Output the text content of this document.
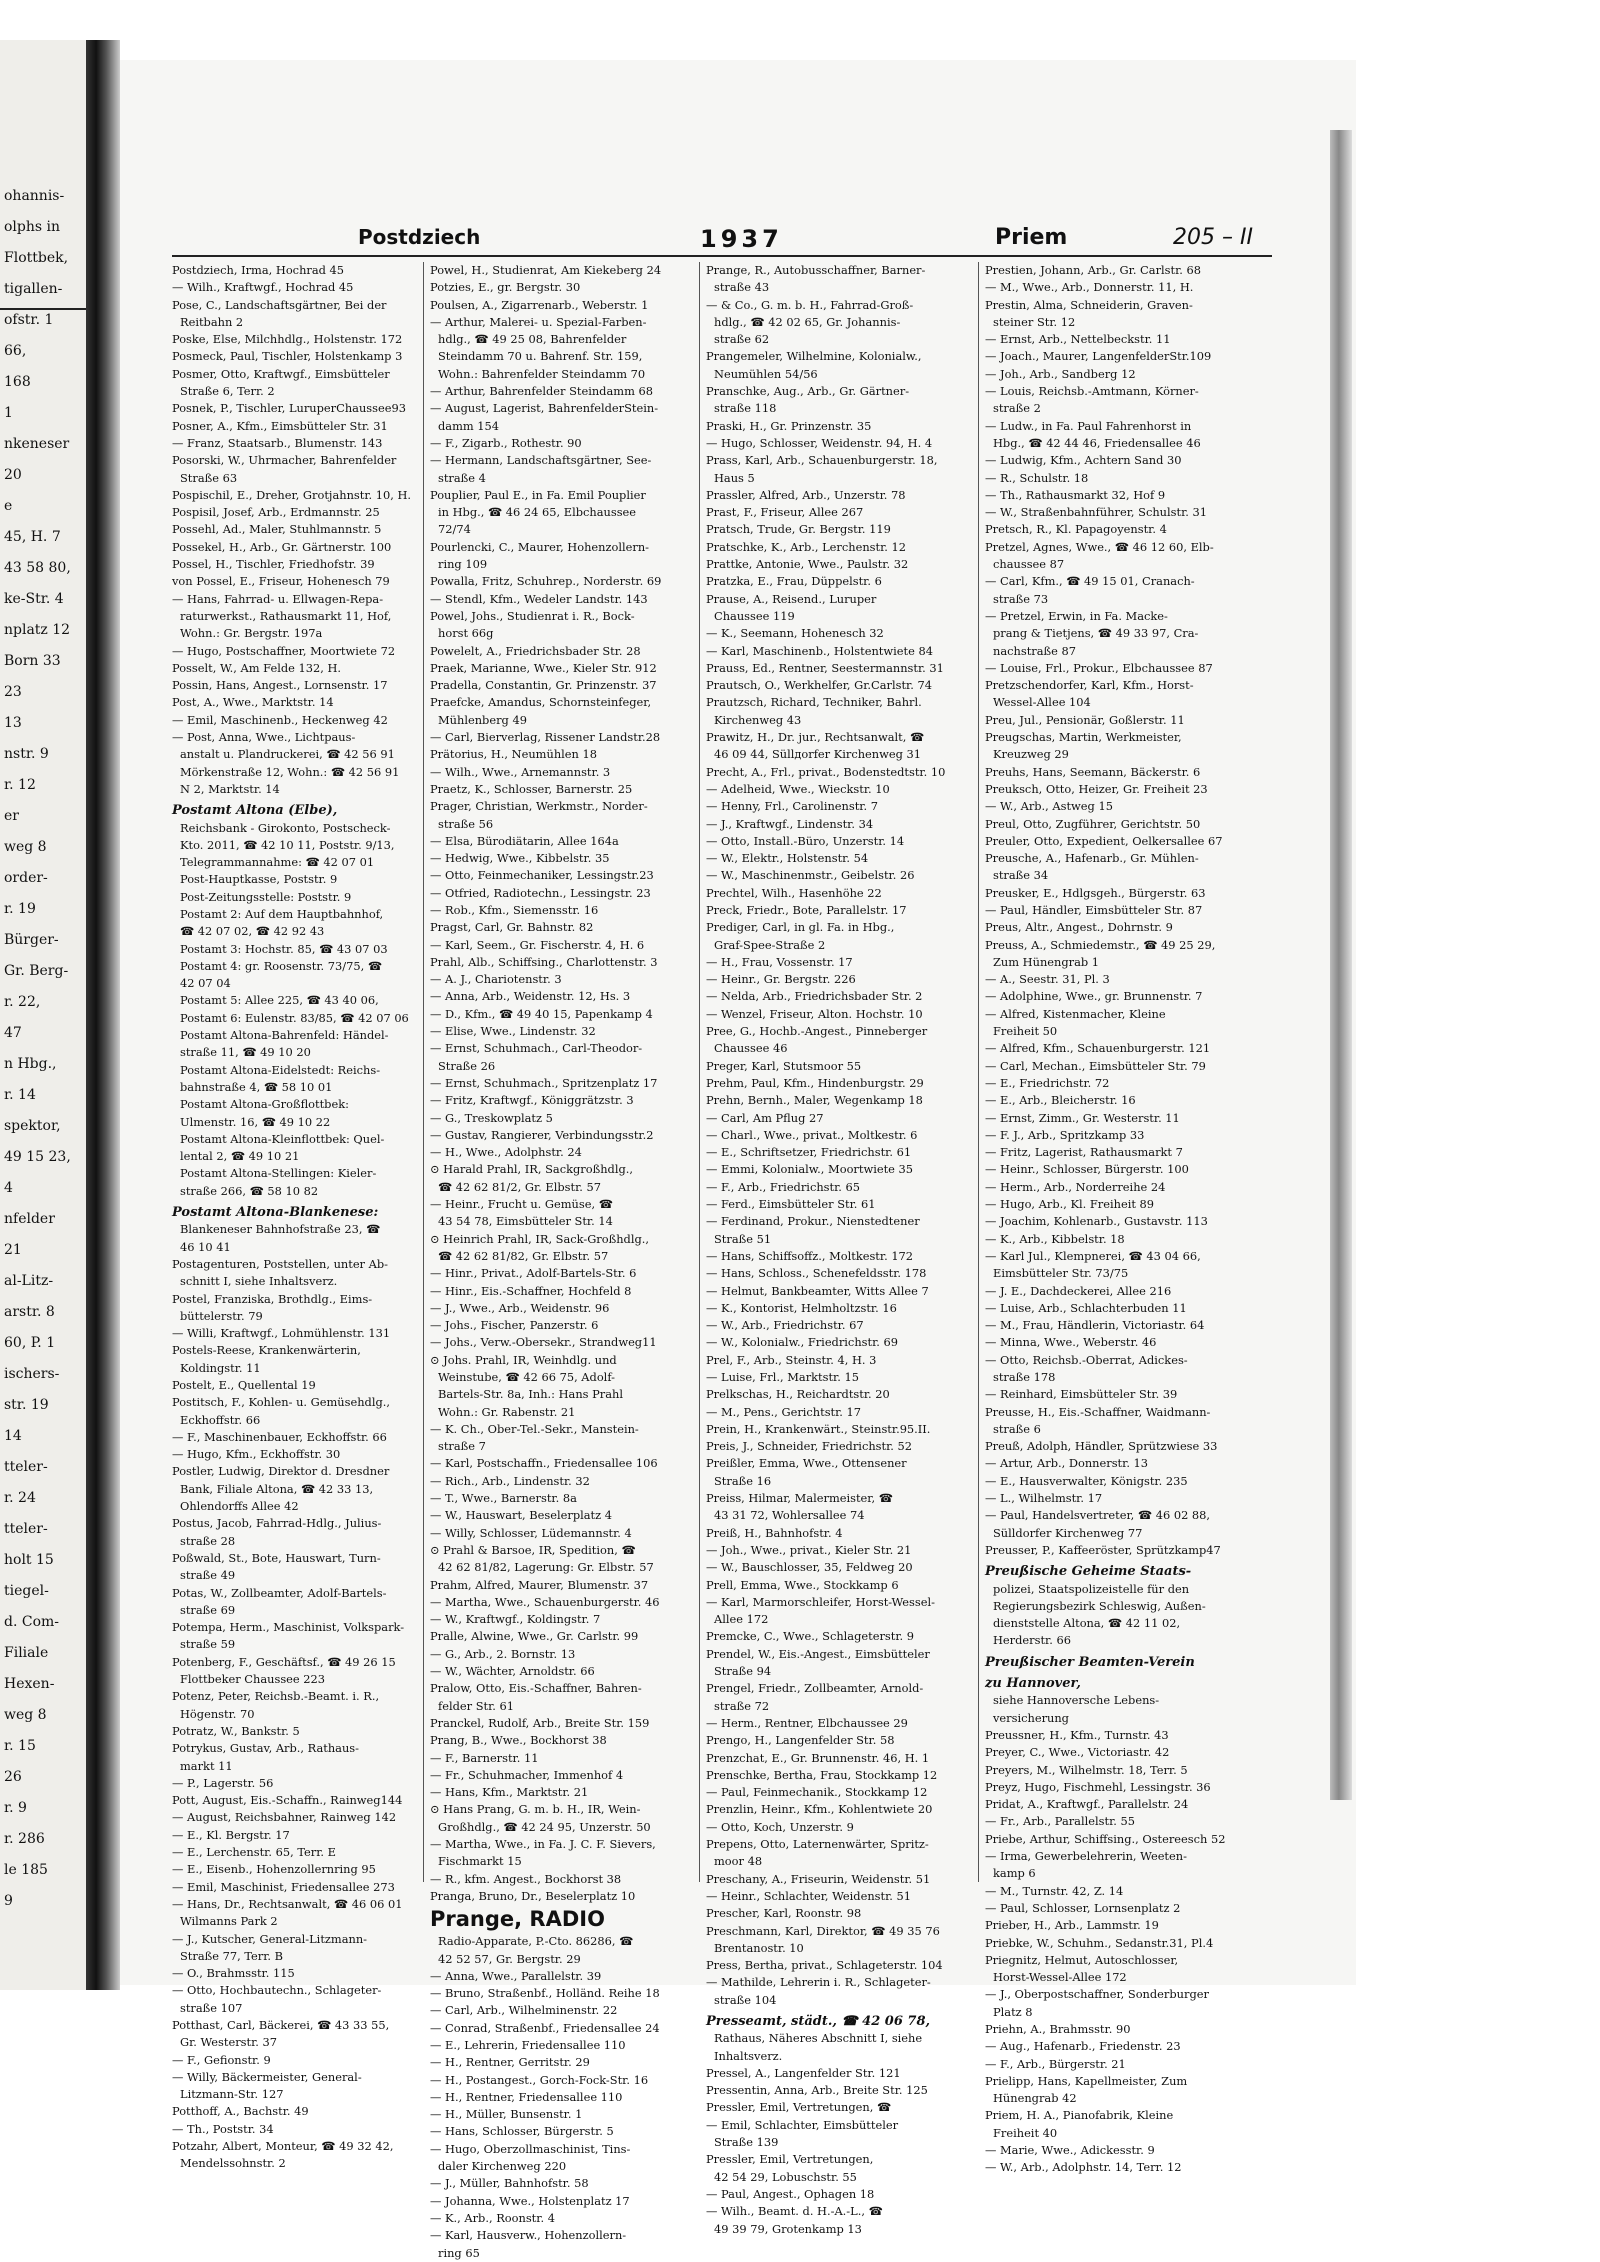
ohannis-
olphs in
Flottbek,
tigallen-
ofstr. 1
66,
168
1
nkeneser
20
e
45, H. 7
43 58 80,
ke-Str. 4
nplatz 12
Born 33
23
13
nstr. 9
r. 12
er
weg 8
order-
r. 19
Bürger-
Gr. Berg-
r. 22,
47
n Hbg.,
r. 14
spektor,
49 15 23,
4
nfelder
21
al-Litz-
arstr. 8
60, P. 1
ischers-
str. 19
14
tteler-
r. 24
tteler-
holt 15
tiegel-
d. Com-
Filiale
Hexen-
weg 8
r. 15
26
r. 9
r. 286
le 185
9
Postdziech	1937	Priem	205 – II
Postdziech, Irma, Hochrad 45
— Wilh., Kraftwgf., Hochrad 45
Pose, C., Landschaftsgärtner, Bei der
Reitbahn 2
Poske, Else, Milchhdlg., Holstenstr. 172
Posmeck, Paul, Tischler, Holstenkamp 3
Posmer, Otto, Kraftwgf., Eimsbütteler
Straße 6, Terr. 2
Posnek, P., Tischler, LuruperChaussee93
Posner, A., Kfm., Eimsbütteler Str. 31
— Franz, Staatsarb., Blumenstr. 143
Posorski, W., Uhrmacher, Bahrenfelder
Straße 63
Pospischil, E., Dreher, Grotjahnstr. 10, H.
Pospisil, Josef, Arb., Erdmannstr. 25
Possehl, Ad., Maler, Stuhlmannstr. 5
Possekel, H., Arb., Gr. Gärtnerstr. 100
Possel, H., Tischler, Friedhofstr. 39
von Possel, E., Friseur, Hohenesch 79
— Hans, Fahrrad- u. Ellwagen-Repa-
raturwerkst., Rathausmarkt 11, Hof,
Wohn.: Gr. Bergstr. 197a
— Hugo, Postschaffner, Moortwiete 72
Posselt, W., Am Felde 132, H.
Possin, Hans, Angest., Lornsenstr. 17
Post, A., Wwe., Marktstr. 14
— Emil, Maschinenb., Heckenweg 42
— Post, Anna, Wwe., Lichtpaus-
anstalt u. Plandruckerei, ☎ 42 56 91
Mörkenstraße 12, Wohn.: ☎ 42 56 91
N 2, Marktstr. 14
Postamt Altona (Elbe),
Reichsbank - Girokonto, Postscheck-
Kto. 2011, ☎ 42 10 11, Poststr. 9/13,
Telegrammannahme: ☎ 42 07 01
Post-Hauptkasse, Poststr. 9
Post-Zeitungsstelle: Poststr. 9
Postamt 2: Auf dem Hauptbahnhof,
☎ 42 07 02, ☎ 42 92 43
Postamt 3: Hochstr. 85, ☎ 43 07 03
Postamt 4: gr. Roosenstr. 73/75, ☎
42 07 04
Postamt 5: Allee 225, ☎ 43 40 06,
Postamt 6: Eulenstr. 83/85, ☎ 42 07 06
Postamt Altona-Bahrenfeld: Händel-
straße 11, ☎ 49 10 20
Postamt Altona-Eidelstedt: Reichs-
bahnstraße 4, ☎ 58 10 01
Postamt Altona-Großflottbek:
Ulmenstr. 16, ☎ 49 10 22
Postamt Altona-Kleinflottbek: Quel-
lental 2, ☎ 49 10 21
Postamt Altona-Stellingen: Kieler-
straße 266, ☎ 58 10 82
Postamt Altona-Blankenese:
Blankeneser Bahnhofstraße 23, ☎
46 10 41
Postagenturen, Poststellen, unter Ab-
schnitt I, siehe Inhaltsverz.
Postel, Franziska, Brothdlg., Eims-
büttelerstr. 79
— Willi, Kraftwgf., Lohmühlenstr. 131
Postels-Reese, Krankenwärterin,
Koldingstr. 11
Postelt, E., Quellental 19
Postitsch, F., Kohlen- u. Gemüsehdlg.,
Eckhoffstr. 66
— F., Maschinenbauer, Eckhoffstr. 66
— Hugo, Kfm., Eckhoffstr. 30
Postler, Ludwig, Direktor d. Dresdner
Bank, Filiale Altona, ☎ 42 33 13,
Ohlendorffs Allee 42
Postus, Jacob, Fahrrad-Hdlg., Julius-
straße 28
Poßwald, St., Bote, Hauswart, Turn-
straße 49
Potas, W., Zollbeamter, Adolf-Bartels-
straße 69
Potempa, Herm., Maschinist, Volkspark-
straße 59
Potenberg, F., Geschäftsf., ☎ 49 26 15
Flottbeker Chaussee 223
Potenz, Peter, Reichsb.-Beamt. i. R.,
Högenstr. 70
Potratz, W., Bankstr. 5
Potrykus, Gustav, Arb., Rathaus-
markt 11
— P., Lagerstr. 56
Pott, August, Eis.-Schaffn., Rainweg144
— August, Reichsbahner, Rainweg 142
— E., Kl. Bergstr. 17
— E., Lerchenstr. 65, Terr. E
— E., Eisenb., Hohenzollernring 95
— Emil, Maschinist, Friedensallee 273
— Hans, Dr., Rechtsanwalt, ☎ 46 06 01
Wilmanns Park 2
— J., Kutscher, General-Litzmann-
Straße 77, Terr. B
— O., Brahmsstr. 115
— Otto, Hochbautechn., Schlageter-
straße 107
Potthast, Carl, Bäckerei, ☎ 43 33 55,
Gr. Westerstr. 37
— F., Gefionstr. 9
— Willy, Bäckermeister, General-
Litzmann-Str. 127
Potthoff, A., Bachstr. 49
— Th., Poststr. 34
Potzahr, Albert, Monteur, ☎ 49 32 42,
Mendelssohnstr. 2
Powel, H., Studienrat, Am Kiekeberg 24
Potzies, E., gr. Bergstr. 30
Poulsen, A., Zigarrenarb., Weberstr. 1
— Arthur, Malerei- u. Spezial-Farben-
hdlg., ☎ 49 25 08, Bahrenfelder
Steindamm 70 u. Bahrenf. Str. 159,
Wohn.: Bahrenfelder Steindamm 70
— Arthur, Bahrenfelder Steindamm 68
— August, Lagerist, BahrenfelderStein-
damm 154
— F., Zigarb., Rothestr. 90
— Hermann, Landschaftsgärtner, See-
straße 4
Pouplier, Paul E., in Fa. Emil Pouplier
in Hbg., ☎ 46 24 65, Elbchaussee
72/74
Pourlencki, C., Maurer, Hohenzollern-
ring 109
Powalla, Fritz, Schuhrep., Norderstr. 69
— Stendl, Kfm., Wedeler Landstr. 143
Powel, Johs., Studienrat i. R., Bock-
horst 66g
Powelelt, A., Friedrichsbader Str. 28
Praek, Marianne, Wwe., Kieler Str. 912
Pradella, Constantin, Gr. Prinzenstr. 37
Praefcke, Amandus, Schornsteinfeger,
Mühlenberg 49
— Carl, Bierverlag, Rissener Landstr.28
Prätorius, H., Neumühlen 18
— Wilh., Wwe., Arnemannstr. 3
Praetz, K., Schlosser, Barnerstr. 25
Prager, Christian, Werkmstr., Norder-
straße 56
— Elsa, Bürodiätarin, Allee 164a
— Hedwig, Wwe., Kibbelstr. 35
— Otto, Feinmechaniker, Lessingstr.23
— Otfried, Radiotechn., Lessingstr. 23
— Rob., Kfm., Siemensstr. 16
Pragst, Carl, Gr. Bahnstr. 82
— Karl, Seem., Gr. Fischerstr. 4, H. 6
Prahl, Alb., Schiffsing., Charlottenstr. 3
— A. J., Chariotenstr. 3
— Anna, Arb., Weidenstr. 12, Hs. 3
— D., Kfm., ☎ 49 40 15, Papenkamp 4
— Elise, Wwe., Lindenstr. 32
— Ernst, Schuhmach., Carl-Theodor-
Straße 26
— Ernst, Schuhmach., Spritzenplatz 17
— Fritz, Kraftwgf., Königgrätzstr. 3
— G., Treskowplatz 5
— Gustav, Rangierer, Verbindungsstr.2
— H., Wwe., Adolphstr. 24
⊙ Harald Prahl, IR, Sackgroßhdlg.,
☎ 42 62 81/2, Gr. Elbstr. 57
— Heinr., Frucht u. Gemüse, ☎
43 54 78, Eimsbütteler Str. 14
⊙ Heinrich Prahl, IR, Sack-Großhdlg.,
☎ 42 62 81/82, Gr. Elbstr. 57
— Hinr., Privat., Adolf-Bartels-Str. 6
— Hinr., Eis.-Schaffner, Hochfeld 8
— J., Wwe., Arb., Weidenstr. 96
— Johs., Fischer, Panzerstr. 6
— Johs., Verw.-Obersekr., Strandweg11
⊙ Johs. Prahl, IR, Weinhdlg. und
Weinstube, ☎ 42 66 75, Adolf-
Bartels-Str. 8a, Inh.: Hans Prahl
Wohn.: Gr. Rabenstr. 21
— K. Ch., Ober-Tel.-Sekr., Manstein-
straße 7
— Karl, Postschaffn., Friedensallee 106
— Rich., Arb., Lindenstr. 32
— T., Wwe., Barnerstr. 8a
— W., Hauswart, Beselerplatz 4
— Willy, Schlosser, Lüdemannstr. 4
⊙ Prahl & Barsoe, IR, Spedition, ☎
42 62 81/82, Lagerung: Gr. Elbstr. 57
Prahm, Alfred, Maurer, Blumenstr. 37
— Martha, Wwe., Schauenburgerstr. 46
— W., Kraftwgf., Koldingstr. 7
Pralle, Alwine, Wwe., Gr. Carlstr. 99
— G., Arb., 2. Bornstr. 13
— W., Wächter, Arnoldstr. 66
Pralow, Otto, Eis.-Schaffner, Bahren-
felder Str. 61
Pranckel, Rudolf, Arb., Breite Str. 159
Prang, B., Wwe., Bockhorst 38
— F., Barnerstr. 11
— Fr., Schuhmacher, Immenhof 4
— Hans, Kfm., Marktstr. 21
⊙ Hans Prang, G. m. b. H., IR, Wein-
Großhdlg., ☎ 42 24 95, Unzerstr. 50
— Martha, Wwe., in Fa. J. C. F. Sievers,
Fischmarkt 15
— R., kfm. Angest., Bockhorst 38
Pranga, Bruno, Dr., Beselerplatz 10
Prange, RADIO
Radio-Apparate, P.-Cto. 86286, ☎
42 52 57, Gr. Bergstr. 29
— Anna, Wwe., Parallelstr. 39
— Bruno, Straßenbf., Holländ. Reihe 18
— Carl, Arb., Wilhelminenstr. 22
— Conrad, Straßenbf., Friedensallee 24
— E., Lehrerin, Friedensallee 110
— H., Rentner, Gerritstr. 29
— H., Postangest., Gorch-Fock-Str. 16
— H., Rentner, Friedensallee 110
— H., Müller, Bunsenstr. 1
— Hans, Schlosser, Bürgerstr. 5
— Hugo, Oberzollmaschinist, Tins-
daler Kirchenweg 220
— J., Müller, Bahnhofstr. 58
— Johanna, Wwe., Holstenplatz 17
— K., Arb., Roonstr. 4
— Karl, Hausverw., Hohenzollern-
ring 65
Prange, R., Autobusschaffner, Barner-
straße 43
— & Co., G. m. b. H., Fahrrad-Groß-
hdlg., ☎ 42 02 65, Gr. Johannis-
straße 62
Prangemeler, Wilhelmine, Kolonialw.,
Neumühlen 54/56
Pranschke, Aug., Arb., Gr. Gärtner-
straße 118
Praski, H., Gr. Prinzenstr. 35
— Hugo, Schlosser, Weidenstr. 94, H. 4
Prass, Karl, Arb., Schauenburgerstr. 18,
Haus 5
Prassler, Alfred, Arb., Unzerstr. 78
Prast, F., Friseur, Allee 267
Pratsch, Trude, Gr. Bergstr. 119
Pratschke, K., Arb., Lerchenstr. 12
Prattke, Antonie, Wwe., Paulstr. 32
Pratzka, E., Frau, Düppelstr. 6
Prause, A., Reisend., Luruper
Chaussee 119
— K., Seemann, Hohenesch 32
— Karl, Maschinenb., Holstentwiete 84
Prauss, Ed., Rentner, Seestermannstr. 31
Prautsch, O., Werkhelfer, Gr.Carlstr. 74
Prautzsch, Richard, Techniker, Bahrl.
Kirchenweg 43
Prawitz, H., Dr. jur., Rechtsanwalt, ☎
46 09 44, Süllдorfer Kirchenweg 31
Precht, A., Frl., privat., Bodenstedtstr. 10
— Adelheid, Wwe., Wieckstr. 10
— Henny, Frl., Carolinenstr. 7
— J., Kraftwgf., Lindenstr. 34
— Otto, Install.-Büro, Unzerstr. 14
— W., Elektr., Holstenstr. 54
— W., Maschinenmstr., Geibelstr. 26
Prechtel, Wilh., Hasenhöhe 22
Preck, Friedr., Bote, Parallelstr. 17
Prediger, Carl, in gl. Fa. in Hbg.,
Graf-Spee-Straße 2
— H., Frau, Vossenstr. 17
— Heinr., Gr. Bergstr. 226
— Nelda, Arb., Friedrichsbader Str. 2
— Wenzel, Friseur, Alton. Hochstr. 10
Pree, G., Hochb.-Angest., Pinneberger
Chaussee 46
Preger, Karl, Stutsmoor 55
Prehm, Paul, Kfm., Hindenburgstr. 29
Prehn, Bernh., Maler, Wegenkamp 18
— Carl, Am Pflug 27
— Charl., Wwe., privat., Moltkestr. 6
— E., Schriftsetzer, Friedrichstr. 61
— Emmi, Kolonialw., Moortwiete 35
— F., Arb., Friedrichstr. 65
— Ferd., Eimsbütteler Str. 61
— Ferdinand, Prokur., Nienstedtener
Straße 51
— Hans, Schiffsoffz., Moltkestr. 172
— Hans, Schloss., Schenefeldsstr. 178
— Helmut, Bankbeamter, Witts Allee 7
— K., Kontorist, Helmholtzstr. 16
— W., Arb., Friedrichstr. 67
— W., Kolonialw., Friedrichstr. 69
Prel, F., Arb., Steinstr. 4, H. 3
— Luise, Frl., Marktstr. 15
Prelkschas, H., Reichardtstr. 20
— M., Pens., Gerichtstr. 17
Prein, H., Krankenwärt., Steinstr.95.II.
Preis, J., Schneider, Friedrichstr. 52
Preißler, Emma, Wwe., Ottensener
Straße 16
Preiss, Hilmar, Malermeister, ☎
43 31 72, Wohlersallee 74
Preiß, H., Bahnhofstr. 4
— Joh., Wwe., privat., Kieler Str. 21
— W., Bauschlosser, 35, Feldweg 20
Prell, Emma, Wwe., Stockkamp 6
— Karl, Marmorschleifer, Horst-Wessel-
Allee 172
Premcke, C., Wwe., Schlageterstr. 9
Prendel, W., Eis.-Angest., Eimsbütteler
Straße 94
Prengel, Friedr., Zollbeamter, Arnold-
straße 72
— Herm., Rentner, Elbchaussee 29
Prengo, H., Langenfelder Str. 58
Prenzchat, E., Gr. Brunnenstr. 46, H. 1
Prenschke, Bertha, Frau, Stockkamp 12
— Paul, Feinmechanik., Stockkamp 12
Prenzlin, Heinr., Kfm., Kohlentwiete 20
— Otto, Koch, Unzerstr. 9
Prepens, Otto, Laternenwärter, Spritz-
moor 48
Preschany, A., Friseurin, Weidenstr. 51
— Heinr., Schlachter, Weidenstr. 51
Prescher, Karl, Roonstr. 98
Preschmann, Karl, Direktor, ☎ 49 35 76
Brentanostr. 10
Press, Bertha, privat., Schlageterstr. 104
— Mathilde, Lehrerin i. R., Schlageter-
straße 104
Presseamt, städt., ☎ 42 06 78,
Rathaus, Näheres Abschnitt I, siehe
Inhaltsverz.
Pressel, A., Langenfelder Str. 121
Pressentin, Anna, Arb., Breite Str. 125
Pressler, Emil, Vertretungen, ☎
— Emil, Schlachter, Eimsbütteler
Straße 139
Pressler, Emil, Vertretungen,
42 54 29, Lobuschstr. 55
— Paul, Angest., Ophagen 18
— Wilh., Beamt. d. H.-A.-L., ☎
49 39 79, Grotenkamp 13
Prestien, Johann, Arb., Gr. Carlstr. 68
— M., Wwe., Arb., Donnerstr. 11, H.
Prestin, Alma, Schneiderin, Graven-
steiner Str. 12
— Ernst, Arb., Nettelbeckstr. 11
— Joach., Maurer, LangenfelderStr.109
— Joh., Arb., Sandberg 12
— Louis, Reichsb.-Amtmann, Körner-
straße 2
— Ludw., in Fa. Paul Fahrenhorst in
Hbg., ☎ 42 44 46, Friedensallee 46
— Ludwig, Kfm., Achtern Sand 30
— R., Schulstr. 18
— Th., Rathausmarkt 32, Hof 9
— W., Straßenbahnführer, Schulstr. 31
Pretsch, R., Kl. Papagoyenstr. 4
Pretzel, Agnes, Wwe., ☎ 46 12 60, Elb-
chaussee 87
— Carl, Kfm., ☎ 49 15 01, Cranach-
straße 73
— Pretzel, Erwin, in Fa. Macke-
prang & Tietjens, ☎ 49 33 97, Cra-
nachstraße 87
— Louise, Frl., Prokur., Elbchaussee 87
Pretzschendorfer, Karl, Kfm., Horst-
Wessel-Allee 104
Preu, Jul., Pensionär, Goßlerstr. 11
Preugschas, Martin, Werkmeister,
Kreuzweg 29
Preuhs, Hans, Seemann, Bäckerstr. 6
Preuksch, Otto, Heizer, Gr. Freiheit 23
— W., Arb., Astweg 15
Preul, Otto, Zugführer, Gerichtstr. 50
Preuler, Otto, Expedient, Oelkersallee 67
Preusche, A., Hafenarb., Gr. Mühlen-
straße 34
Preusker, E., Hdlgsgeh., Bürgerstr. 63
— Paul, Händler, Eimsbütteler Str. 87
Preus, Altr., Angest., Dohrnstr. 9
Preuss, A., Schmiedemstr., ☎ 49 25 29,
Zum Hünengrab 1
— A., Seestr. 31, Pl. 3
— Adolphine, Wwe., gr. Brunnenstr. 7
— Alfred, Kistenmacher, Kleine
Freiheit 50
— Alfred, Kfm., Schauenburgerstr. 121
— Carl, Mechan., Eimsbütteler Str. 79
— E., Friedrichstr. 72
— E., Arb., Bleicherstr. 16
— Ernst, Zimm., Gr. Westerstr. 11
— F. J., Arb., Spritzkamp 33
— Fritz, Lagerist, Rathausmarkt 7
— Heinr., Schlosser, Bürgerstr. 100
— Herm., Arb., Norderreihe 24
— Hugo, Arb., Kl. Freiheit 89
— Joachim, Kohlenarb., Gustavstr. 113
— K., Arb., Kibbelstr. 18
— Karl Jul., Klempnerei, ☎ 43 04 66,
Eimsbütteler Str. 73/75
— J. E., Dachdeckerei, Allee 216
— Luise, Arb., Schlachterbuden 11
— M., Frau, Händlerin, Victoriastr. 64
— Minna, Wwe., Weberstr. 46
— Otto, Reichsb.-Oberrat, Adickes-
straße 178
— Reinhard, Eimsbütteler Str. 39
Preusse, H., Eis.-Schaffner, Waidmann-
straße 6
Preuß, Adolph, Händler, Sprützwiese 33
— Artur, Arb., Donnerstr. 13
— E., Hausverwalter, Königstr. 235
— L., Wilhelmstr. 17
— Paul, Handelsvertreter, ☎ 46 02 88,
Sülldorfer Kirchenweg 77
Preusser, P., Kaffeeröster, Sprützkamp47
Preußische Geheime Staats-
polizei, Staatspolizeistelle für den
Regierungsbezirk Schleswig, Außen-
dienststelle Altona, ☎ 42 11 02,
Herderstr. 66
Preußischer Beamten-Verein
zu Hannover,
siehe Hannoversche Lebens-
versicherung
Preussner, H., Kfm., Turnstr. 43
Preyer, C., Wwe., Victoriastr. 42
Preyers, M., Wilhelmstr. 18, Terr. 5
Preyz, Hugo, Fischmehl, Lessingstr. 36
Pridat, A., Kraftwgf., Parallelstr. 24
— Fr., Arb., Parallelstr. 55
Priebe, Arthur, Schiffsing., Ostereesch 52
— Irma, Gewerbelehrerin, Weeten-
kamp 6
— M., Turnstr. 42, Z. 14
— Paul, Schlosser, Lornsenplatz 2
Prieber, H., Arb., Lammstr. 19
Priebke, W., Schuhm., Sedanstr.31, Pl.4
Priegnitz, Helmut, Autoschlosser,
Horst-Wessel-Allee 172
— J., Oberpostschaffner, Sonderburger
Platz 8
Priehn, A., Brahmsstr. 90
— Aug., Hafenarb., Friedenstr. 23
— F., Arb., Bürgerstr. 21
Prielipp, Hans, Kapellmeister, Zum
Hünengrab 42
Priem, H. A., Pianofabrik, Kleine
Freiheit 40
— Marie, Wwe., Adickesstr. 9
— W., Arb., Adolphstr. 14, Terr. 12
